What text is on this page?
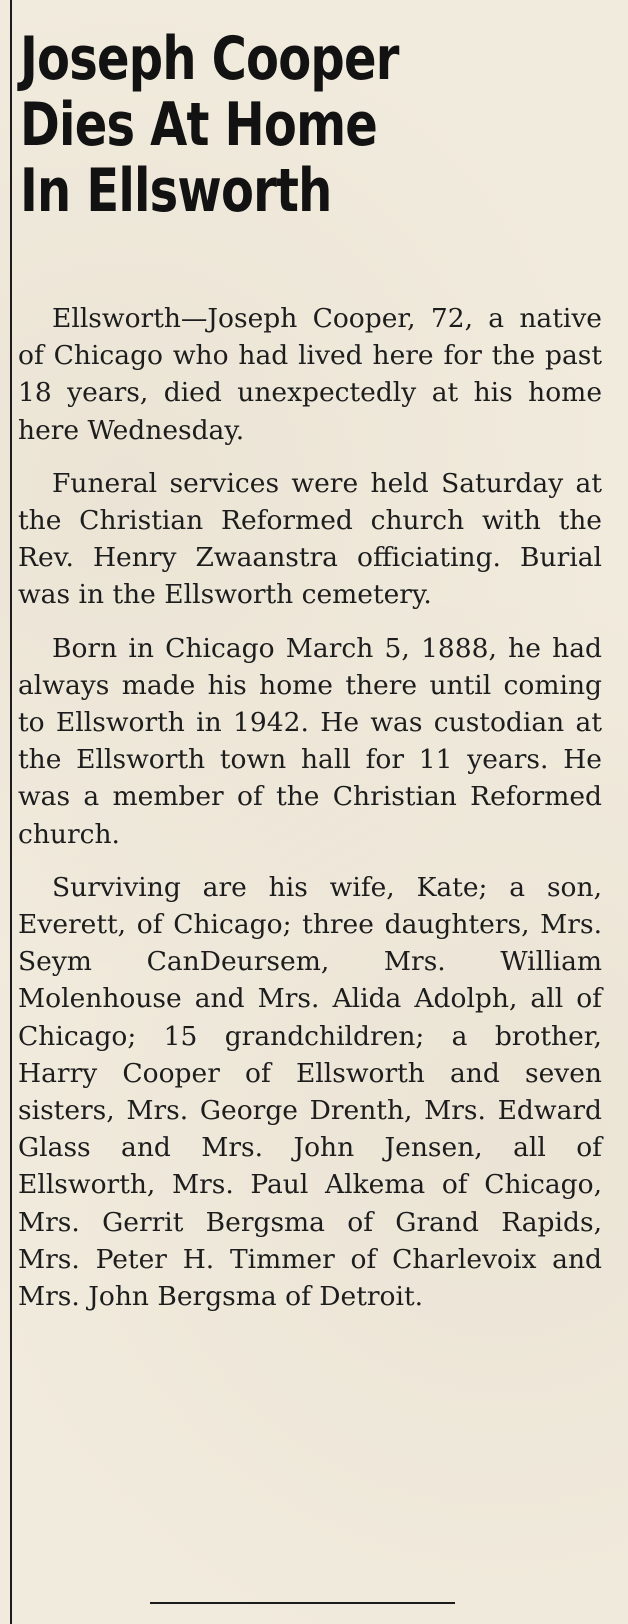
Joseph Cooper
Dies At Home
In Ellsworth

Ellsworth—Joseph Cooper, 72, a native of Chicago who had lived here for the past 18 years, died unexpectedly at his home here Wednesday.

Funeral services were held Saturday at the Christian Reformed church with the Rev. Henry Zwaanstra officiating. Burial was in the Ellsworth cemetery.

Born in Chicago March 5, 1888, he had always made his home there until coming to Ellsworth in 1942. He was custodian at the Ellsworth town hall for 11 years. He was a member of the Christian Reformed church.

Surviving are his wife, Kate; a son, Everett, of Chicago; three daughters, Mrs. Seym CanDeursem, Mrs. William Molenhouse and Mrs. Alida Adolph, all of Chicago; 15 grandchildren; a brother, Harry Cooper of Ellsworth and seven sisters, Mrs. George Drenth, Mrs. Edward Glass and Mrs. John Jensen, all of Ellsworth, Mrs. Paul Alkema of Chicago, Mrs. Gerrit Bergsma of Grand Rapids, Mrs. Peter H. Timmer of Charlevoix and Mrs. John Bergsma of Detroit.
